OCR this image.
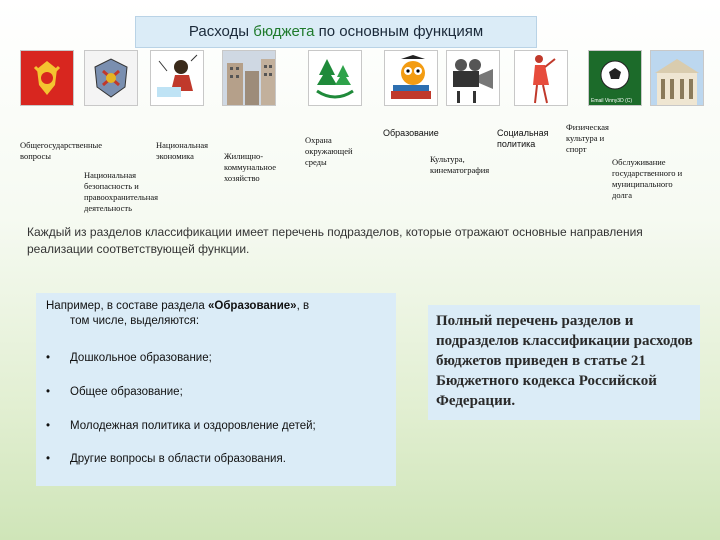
Расходы бюджета по основным функциям
Email Vinny3D (C)
Общегосударственные
вопросы
Национальная
экономика
Национальная
безопасность и
правоохранительная
деятельность
Жилищно-
коммунальное
хозяйство
Охрана
окружающей
среды
Образование
Культура,
кинематография
Социальная
политика
Физическая
культура и
спорт
Обслуживание
государственного и
муниципального
долга
Каждый из разделов классификации имеет перечень подразделов, которые отражают основные направления реализации соответствующей функции.
Например, в составе раздела «Образование», в
том числе, выделяются:
•	Дошкольное образование;
•	Общее образование;
•	Молодежная политика и оздоровление детей;
•	Другие вопросы в области образования.
Полный перечень разделов и подразделов классификации расходов бюджетов приведен в статье 21 Бюджетного кодекса Российской Федерации.
